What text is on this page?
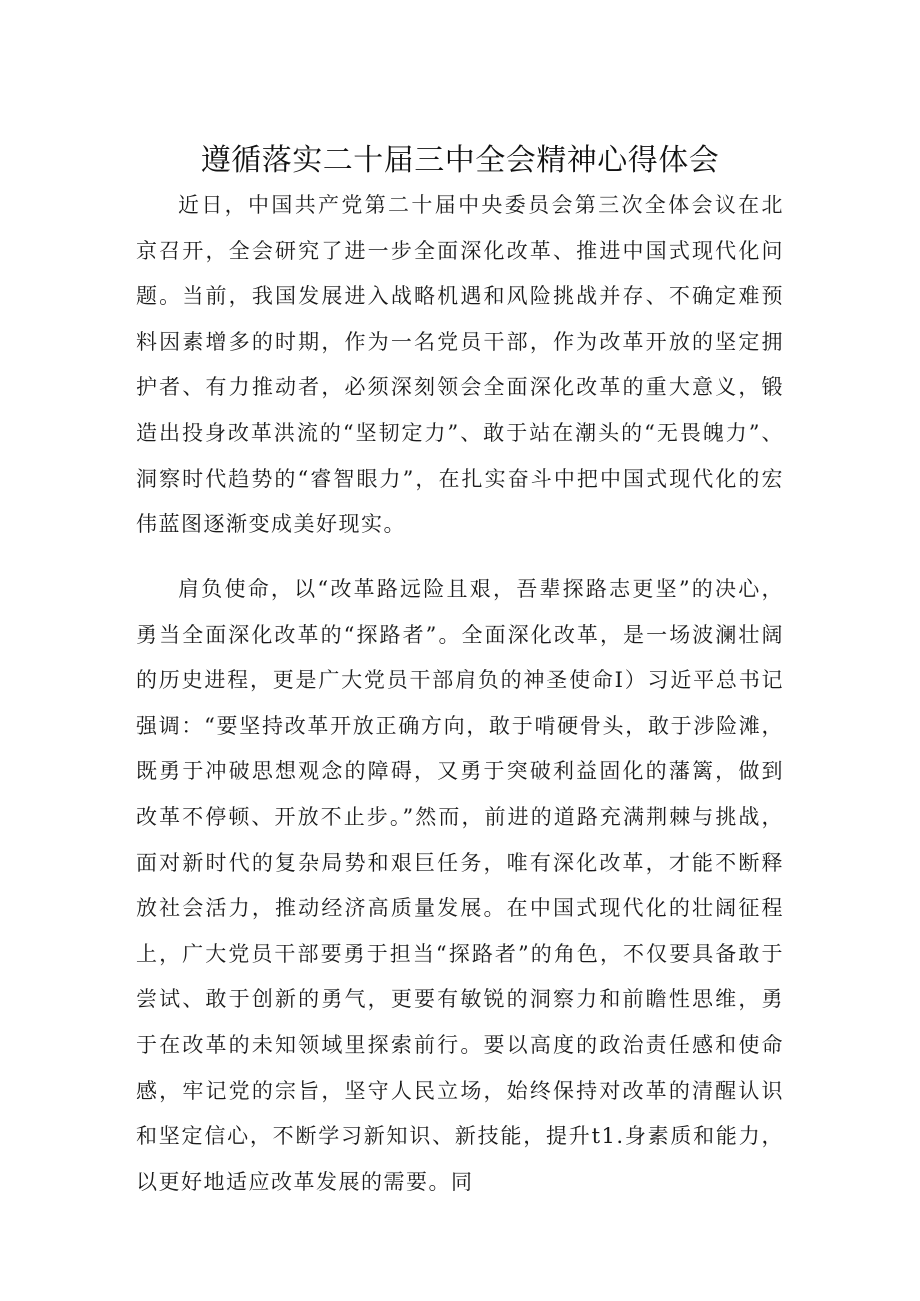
遵循落实二十届三中全会精神心得体会

近日，中国共产党第二十届中央委员会第三次全体会议在北京召开，全会研究了进一步全面深化改革、推进中国式现代化问题。当前，我国发展进入战略机遇和风险挑战并存、不确定难预料因素增多的时期，作为一名党员干部，作为改革开放的坚定拥护者、有力推动者，必须深刻领会全面深化改革的重大意义，锻造出投身改革洪流的“坚韧定力”、敢于站在潮头的“无畏魄力”、洞察时代趋势的“睿智眼力”，在扎实奋斗中把中国式现代化的宏伟蓝图逐渐变成美好现实。

肩负使命，以“改革路远险且艰，吾辈探路志更坚”的决心，勇当全面深化改革的“探路者”。全面深化改革，是一场波澜壮阔的历史进程，更是广大党员干部肩负的神圣使命I）习近平总书记强调：“要坚持改革开放正确方向，敢于啃硬骨头，敢于涉险滩，既勇于冲破思想观念的障碍，又勇于突破利益固化的藩篱，做到改革不停顿、开放不止步。”然而，前进的道路充满荆棘与挑战，面对新时代的复杂局势和艰巨任务，唯有深化改革，才能不断释放社会活力，推动经济高质量发展。在中国式现代化的壮阔征程上，广大党员干部要勇于担当“探路者”的角色，不仅要具备敢于尝试、敢于创新的勇气，更要有敏锐的洞察力和前瞻性思维，勇于在改革的未知领域里探索前行。要以高度的政治责任感和使命感，牢记党的宗旨，坚守人民立场，始终保持对改革的清醒认识和坚定信心，不断学习新知识、新技能，提升t1.身素质和能力，以更好地适应改革发展的需要。同
